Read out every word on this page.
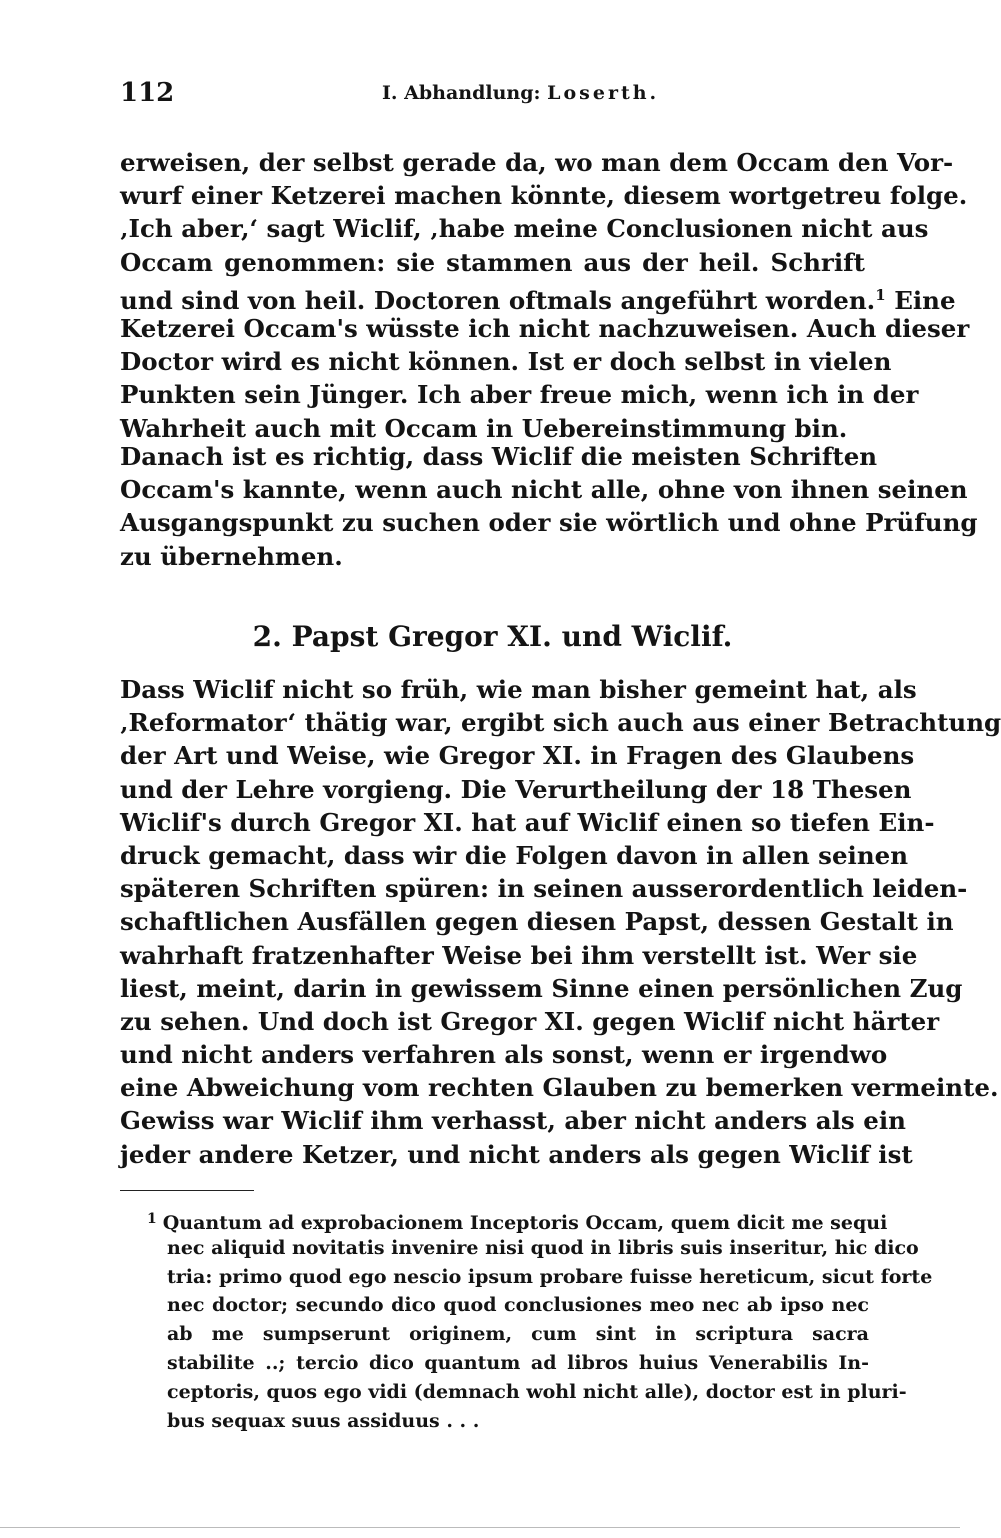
112	I. Abhandlung: Loserth.
erweisen, der selbst gerade da, wo man dem Occam den Vor-
wurf einer Ketzerei machen könnte, diesem wortgetreu folge.
‚Ich aber,‘ sagt Wiclif, ‚habe meine Conclusionen nicht aus
Occam genommen: sie stammen aus der heil. Schrift
und sind von heil. Doctoren oftmals angeführt worden.$^1$ Eine
Ketzerei Occam's wüsste ich nicht nachzuweisen. Auch dieser
Doctor wird es nicht können. Ist er doch selbst in vielen
Punkten sein Jünger. Ich aber freue mich, wenn ich in der
Wahrheit auch mit Occam in Uebereinstimmung bin.
Danach ist es richtig, dass Wiclif die meisten Schriften
Occam's kannte, wenn auch nicht alle, ohne von ihnen seinen
Ausgangspunkt zu suchen oder sie wörtlich und ohne Prüfung
zu übernehmen.
2. Papst Gregor XI. und Wiclif.
Dass Wiclif nicht so früh, wie man bisher gemeint hat, als
‚Reformator‘ thätig war, ergibt sich auch aus einer Betrachtung
der Art und Weise, wie Gregor XI. in Fragen des Glaubens
und der Lehre vorgieng. Die Verurtheilung der 18 Thesen
Wiclif's durch Gregor XI. hat auf Wiclif einen so tiefen Ein-
druck gemacht, dass wir die Folgen davon in allen seinen
späteren Schriften spüren: in seinen ausserordentlich leiden-
schaftlichen Ausfällen gegen diesen Papst, dessen Gestalt in
wahrhaft fratzenhafter Weise bei ihm verstellt ist. Wer sie
liest, meint, darin in gewissem Sinne einen persönlichen Zug
zu sehen. Und doch ist Gregor XI. gegen Wiclif nicht härter
und nicht anders verfahren als sonst, wenn er irgendwo
eine Abweichung vom rechten Glauben zu bemerken vermeinte.
Gewiss war Wiclif ihm verhasst, aber nicht anders als ein
jeder andere Ketzer, und nicht anders als gegen Wiclif ist
$^1$ Quantum ad exprobacionem Inceptoris Occam, quem dicit me sequi
nec aliquid novitatis invenire nisi quod in libris suis inseritur, hic dico
tria: primo quod ego nescio ipsum probare fuisse hereticum, sicut forte
nec doctor; secundo dico quod conclusiones meo nec ab ipso nec
ab me sumpserunt originem, cum sint in scriptura sacra
stabilite ..; tercio dico quantum ad libros huius Venerabilis In-
ceptoris, quos ego vidi (demnach wohl nicht alle), doctor est in pluri-
bus sequax suus assiduus . . .
